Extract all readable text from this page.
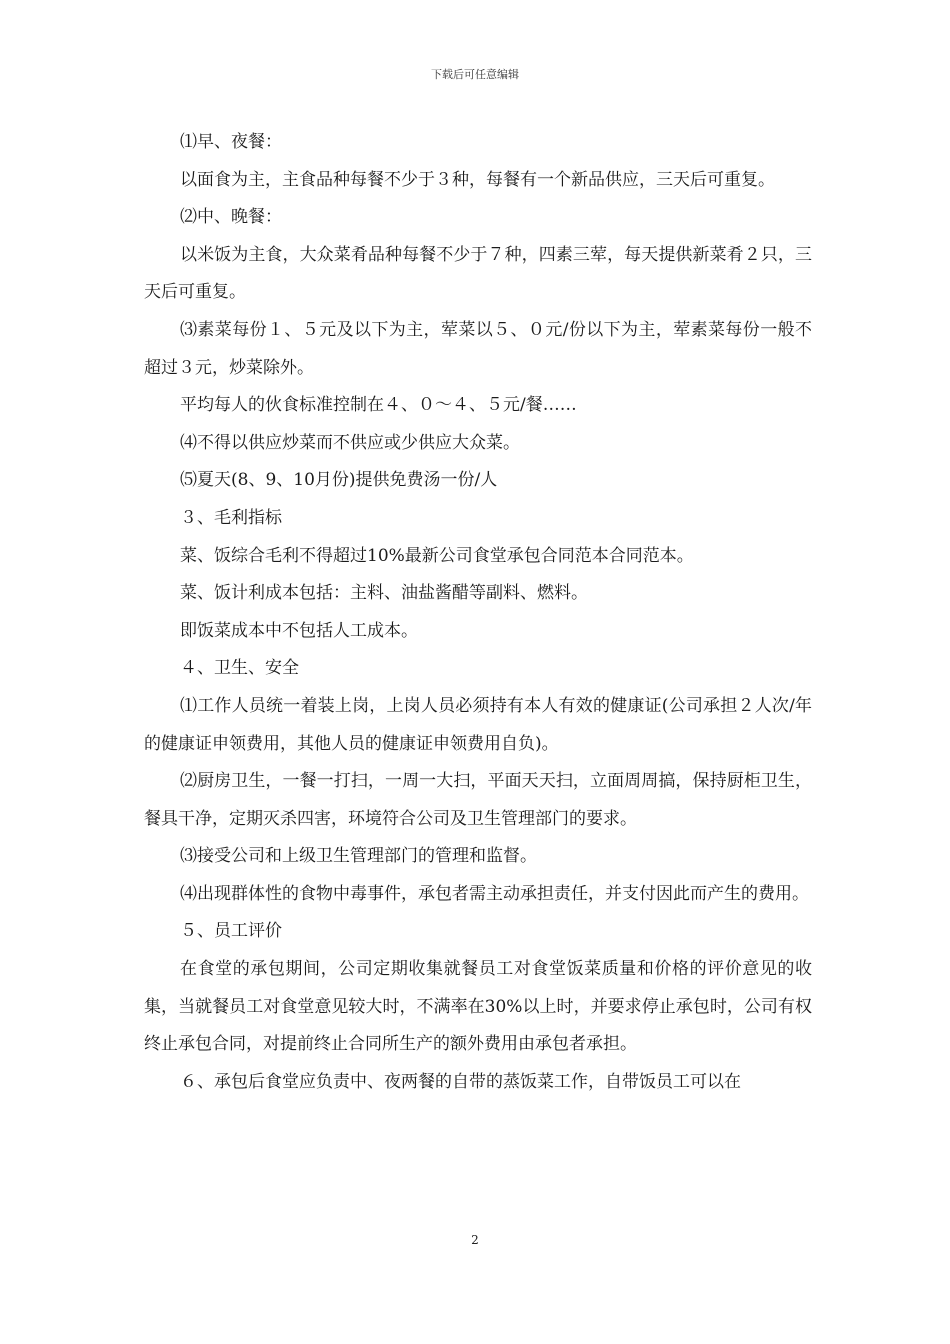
下载后可任意编辑

⑴早、夜餐：

以面食为主，主食品种每餐不少于３种，每餐有一个新品供应，三天后可重复。

⑵中、晚餐：

以米饭为主食，大众菜肴品种每餐不少于７种，四素三荤，每天提供新菜肴２只，三天后可重复。

⑶素菜每份１、５元及以下为主，荤菜以５、０元/份以下为主，荤素菜每份一般不超过３元，炒菜除外。

平均每人的伙食标准控制在４、０～４、５元/餐……

⑷不得以供应炒菜而不供应或少供应大众菜。

⑸夏天(8、9、10月份)提供免费汤一份/人

３、毛利指标

菜、饭综合毛利不得超过10%最新公司食堂承包合同范本合同范本。

菜、饭计利成本包括：主料、油盐酱醋等副料、燃料。

即饭菜成本中不包括人工成本。

４、卫生、安全

⑴工作人员统一着装上岗，上岗人员必须持有本人有效的健康证(公司承担２人次/年的健康证申领费用，其他人员的健康证申领费用自负)。

⑵厨房卫生，一餐一打扫，一周一大扫，平面天天扫，立面周周搞，保持厨柜卫生，餐具干净，定期灭杀四害，环境符合公司及卫生管理部门的要求。

⑶接受公司和上级卫生管理部门的管理和监督。

⑷出现群体性的食物中毒事件，承包者需主动承担责任，并支付因此而产生的费用。

５、员工评价

在食堂的承包期间，公司定期收集就餐员工对食堂饭菜质量和价格的评价意见的收集，当就餐员工对食堂意见较大时，不满率在30%以上时，并要求停止承包时，公司有权终止承包合同，对提前终止合同所生产的额外费用由承包者承担。

６、承包后食堂应负责中、夜两餐的自带的蒸饭菜工作，自带饭员工可以在

2
